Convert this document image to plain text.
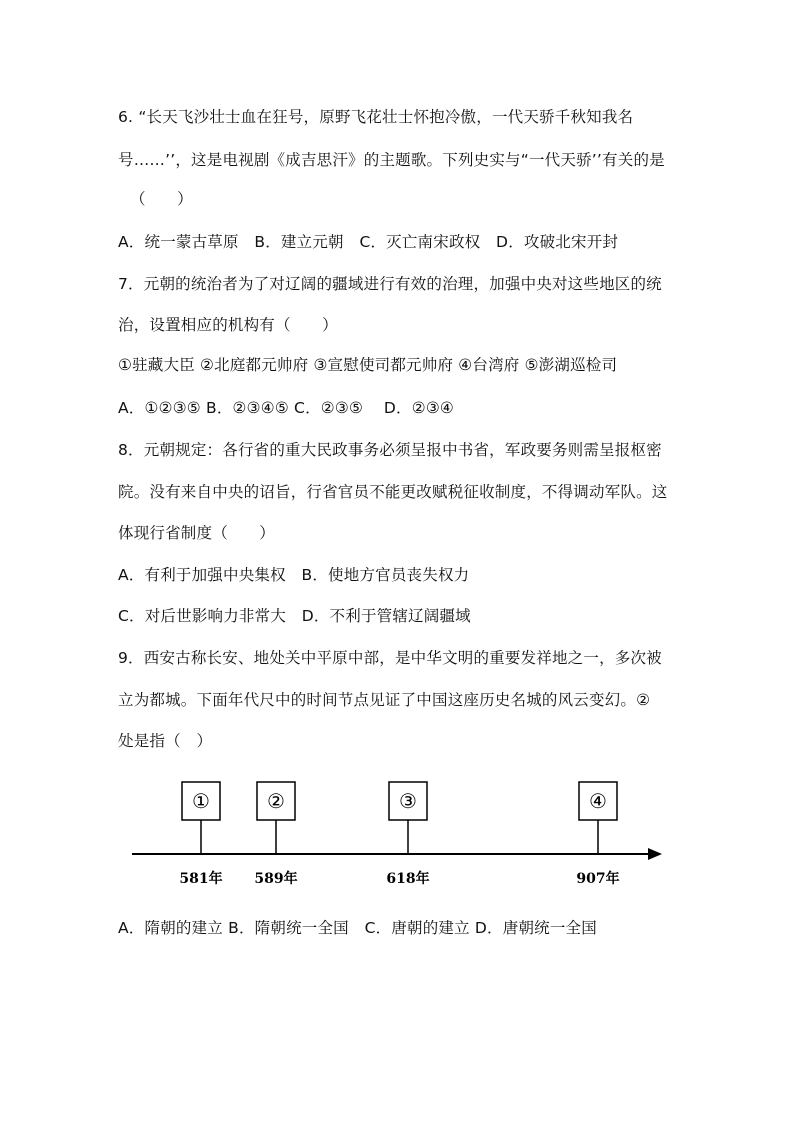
6. “长天飞沙壮士血在狂号，原野飞花壮士怀抱冷傲，一代天骄千秋知我名
号……’’，这是电视剧《成吉思汗》的主题歌。下列史实与“一代天骄’’有关的是
（　　）
A．统一蒙古草原　B．建立元朝　C．灭亡南宋政权　D．攻破北宋开封
7．元朝的统治者为了对辽阔的疆域进行有效的治理，加强中央对这些地区的统
治，设置相应的机构有（　　）
①驻藏大臣 ②北庭都元帅府 ③宣慰使司都元帅府 ④台湾府 ⑤澎湖巡检司
A．①②③⑤ B．②③④⑤ C．②③⑤　 D．②③④
8．元朝规定：各行省的重大民政事务必须呈报中书省，军政要务则需呈报枢密
院。没有来自中央的诏旨，行省官员不能更改赋税征收制度，不得调动军队。这
体现行省制度（　　）
A．有利于加强中央集权　B．使地方官员丧失权力
C．对后世影响力非常大　D．不利于管辖辽阔疆域
9．西安古称长安、地处关中平原中部，是中华文明的重要发祥地之一，多次被
立为都城。下面年代尺中的时间节点见证了中国这座历史名城的风云变幻。②
处是指（　）
①
581年
②
589年
③
618年
④
907年
A．隋朝的建立 B．隋朝统一全国　C．唐朝的建立 D．唐朝统一全国
